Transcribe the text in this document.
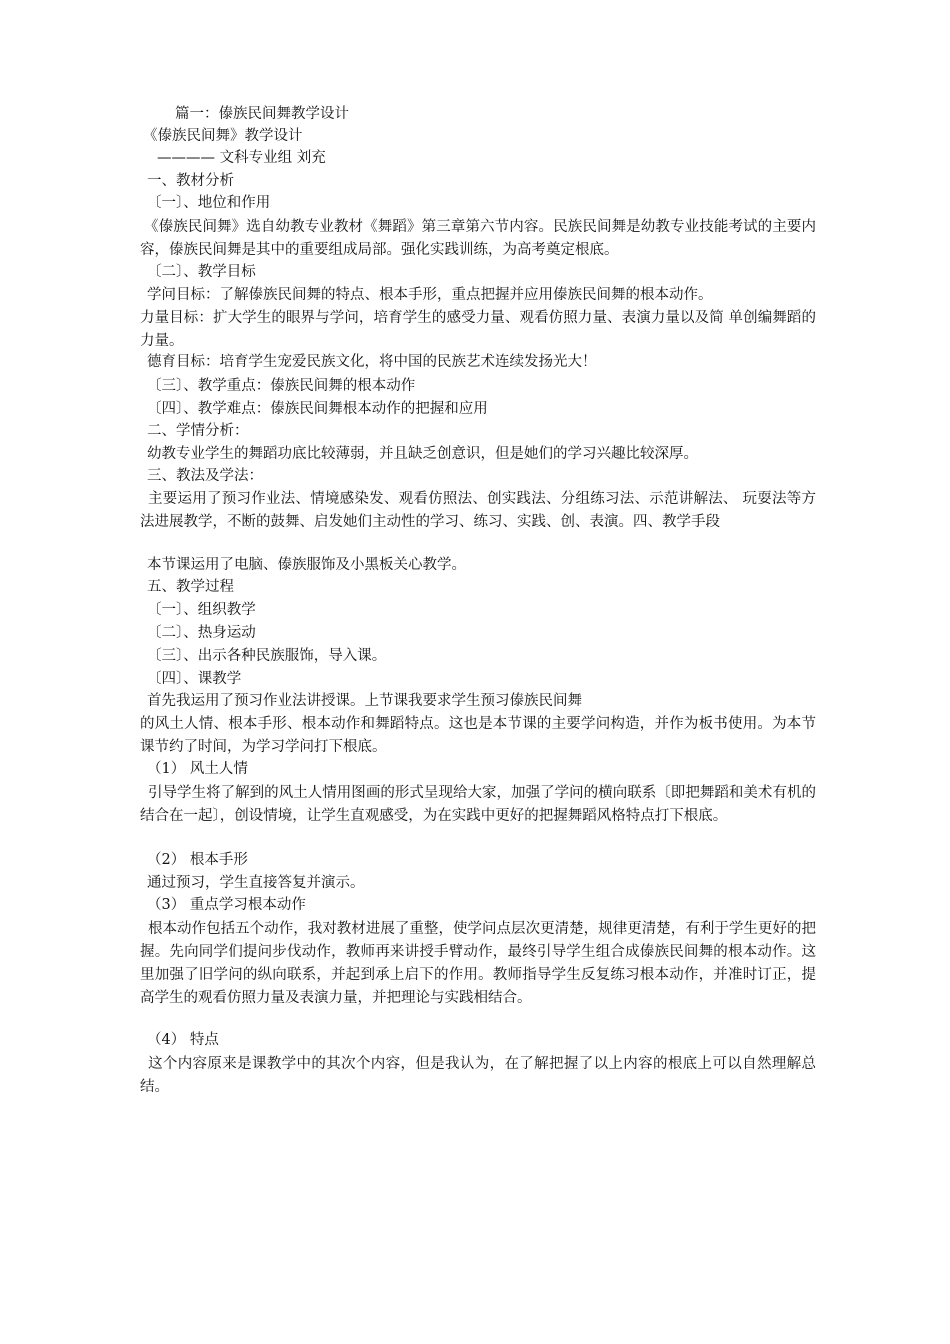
篇一：傣族民间舞教学设计
《傣族民间舞》教学设计
———— 文科专业组 刘充
一、教材分析
〔一〕、地位和作用
《傣族民间舞》选自幼教专业教材《舞蹈》第三章第六节内容。民族民间舞是幼教专业技能考试的主要内容，傣族民间舞是其中的重要组成局部。强化实践训练，为高考奠定根底。
〔二〕、教学目标
学问目标：了解傣族民间舞的特点、根本手形，重点把握并应用傣族民间舞的根本动作。
力量目标：扩大学生的眼界与学问，培育学生的感受力量、观看仿照力量、表演力量以及简 单创编舞蹈的力量。
德育目标：培育学生宠爱民族文化，将中国的民族艺术连续发扬光大！
〔三〕、教学重点：傣族民间舞的根本动作
〔四〕、教学难点：傣族民间舞根本动作的把握和应用
二、学情分析：
幼教专业学生的舞蹈功底比较薄弱，并且缺乏创意识，但是她们的学习兴趣比较深厚。
三、教法及学法：
主要运用了预习作业法、情境感染发、观看仿照法、创实践法、分组练习法、示范讲解法、 玩耍法等方法进展教学，不断的鼓舞、启发她们主动性的学习、练习、实践、创、表演。四、教学手段
本节课运用了电脑、傣族服饰及小黑板关心教学。
五、教学过程
〔一〕、组织教学
〔二〕、热身运动
〔三〕、出示各种民族服饰，导入课。
〔四〕、课教学
首先我运用了预习作业法讲授课。上节课我要求学生预习傣族民间舞
的风土人情、根本手形、根本动作和舞蹈特点。这也是本节课的主要学问构造，并作为板书使用。为本节课节约了时间，为学习学问打下根底。
（1） 风土人情
引导学生将了解到的风土人情用图画的形式呈现给大家，加强了学问的横向联系〔即把舞蹈和美术有机的结合在一起〕，创设情境，让学生直观感受，为在实践中更好的把握舞蹈风格特点打下根底。
（2） 根本手形
通过预习，学生直接答复并演示。
（3） 重点学习根本动作
根本动作包括五个动作，我对教材进展了重整，使学问点层次更清楚，规律更清楚，有利于学生更好的把握。先向同学们提问步伐动作，教师再来讲授手臂动作，最终引导学生组合成傣族民间舞的根本动作。这里加强了旧学问的纵向联系，并起到承上启下的作用。教师指导学生反复练习根本动作，并准时订正，提高学生的观看仿照力量及表演力量，并把理论与实践相结合。
（4） 特点
这个内容原来是课教学中的其次个内容，但是我认为，在了解把握了以上内容的根底上可以自然理解总结。
